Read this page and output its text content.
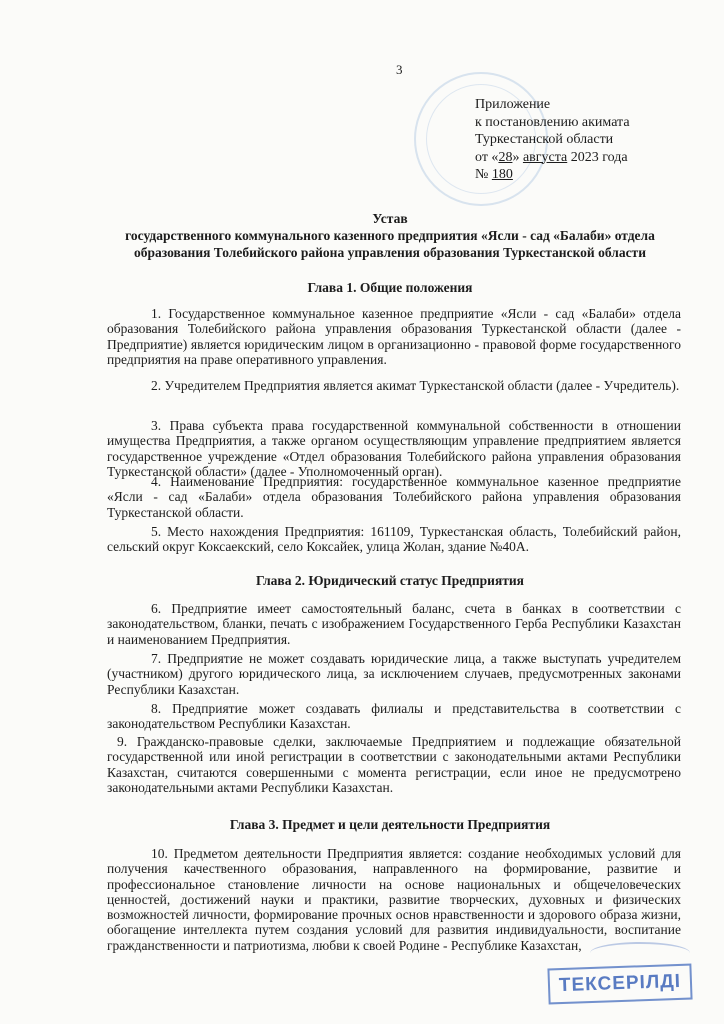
3
Приложение
к постановлению акимата
Туркестанской области
от «28» августа 2023 года
№ 180
Устав
государственного коммунального казенного предприятия «Ясли - сад «Балаби» отдела образования Толебийского района управления образования Туркестанской области
Глава 1. Общие положения
1. Государственное коммунальное казенное предприятие «Ясли - сад «Балаби» отдела образования Толебийского района управления образования Туркестанской области (далее - Предприятие) является юридическим лицом в организационно - правовой форме государственного предприятия на праве оперативного управления.
2. Учредителем Предприятия является акимат Туркестанской области (далее - Учредитель).
3. Права субъекта права государственной коммунальной собственности в отношении имущества Предприятия, а также органом осуществляющим управление предприятием является государственное учреждение «Отдел образования Толебийского района управления образования Туркестанской области» (далее - Уполномоченный орган).
4. Наименование Предприятия: государственное коммунальное казенное предприятие «Ясли - сад «Балаби» отдела образования Толебийского района управления образования Туркестанской области.
5. Место нахождения Предприятия: 161109, Туркестанская область, Толебийский район, сельский округ Коксаекский, село Коксайек, улица Жолан, здание №40А.
Глава 2. Юридический статус Предприятия
6. Предприятие имеет самостоятельный баланс, счета в банках в соответствии с законодательством, бланки, печать с изображением Государственного Герба Республики Казахстан и наименованием Предприятия.
7. Предприятие не может создавать юридические лица, а также выступать учредителем (участником) другого юридического лица, за исключением случаев, предусмотренных законами Республики Казахстан.
8. Предприятие может создавать филиалы и представительства в соответствии с законодательством Республики Казахстан.
9. Гражданско-правовые сделки, заключаемые Предприятием и подлежащие обязательной государственной или иной регистрации в соответствии с законодательными актами Республики Казахстан, считаются совершенными с момента регистрации, если иное не предусмотрено законодательными актами Республики Казахстан.
Глава 3. Предмет и цели деятельности Предприятия
10. Предметом деятельности Предприятия является: создание необходимых условий для получения качественного образования, направленного на формирование, развитие и профессиональное становление личности на основе национальных и общечеловеческих ценностей, достижений науки и практики, развитие творческих, духовных и физических возможностей личности, формирование прочных основ нравственности и здорового образа жизни, обогащение интеллекта путем создания условий для развития индивидуальности, воспитание гражданственности и патриотизма, любви к своей Родине - Республике Казахстан,
ТЕКСЕРІЛДІ
